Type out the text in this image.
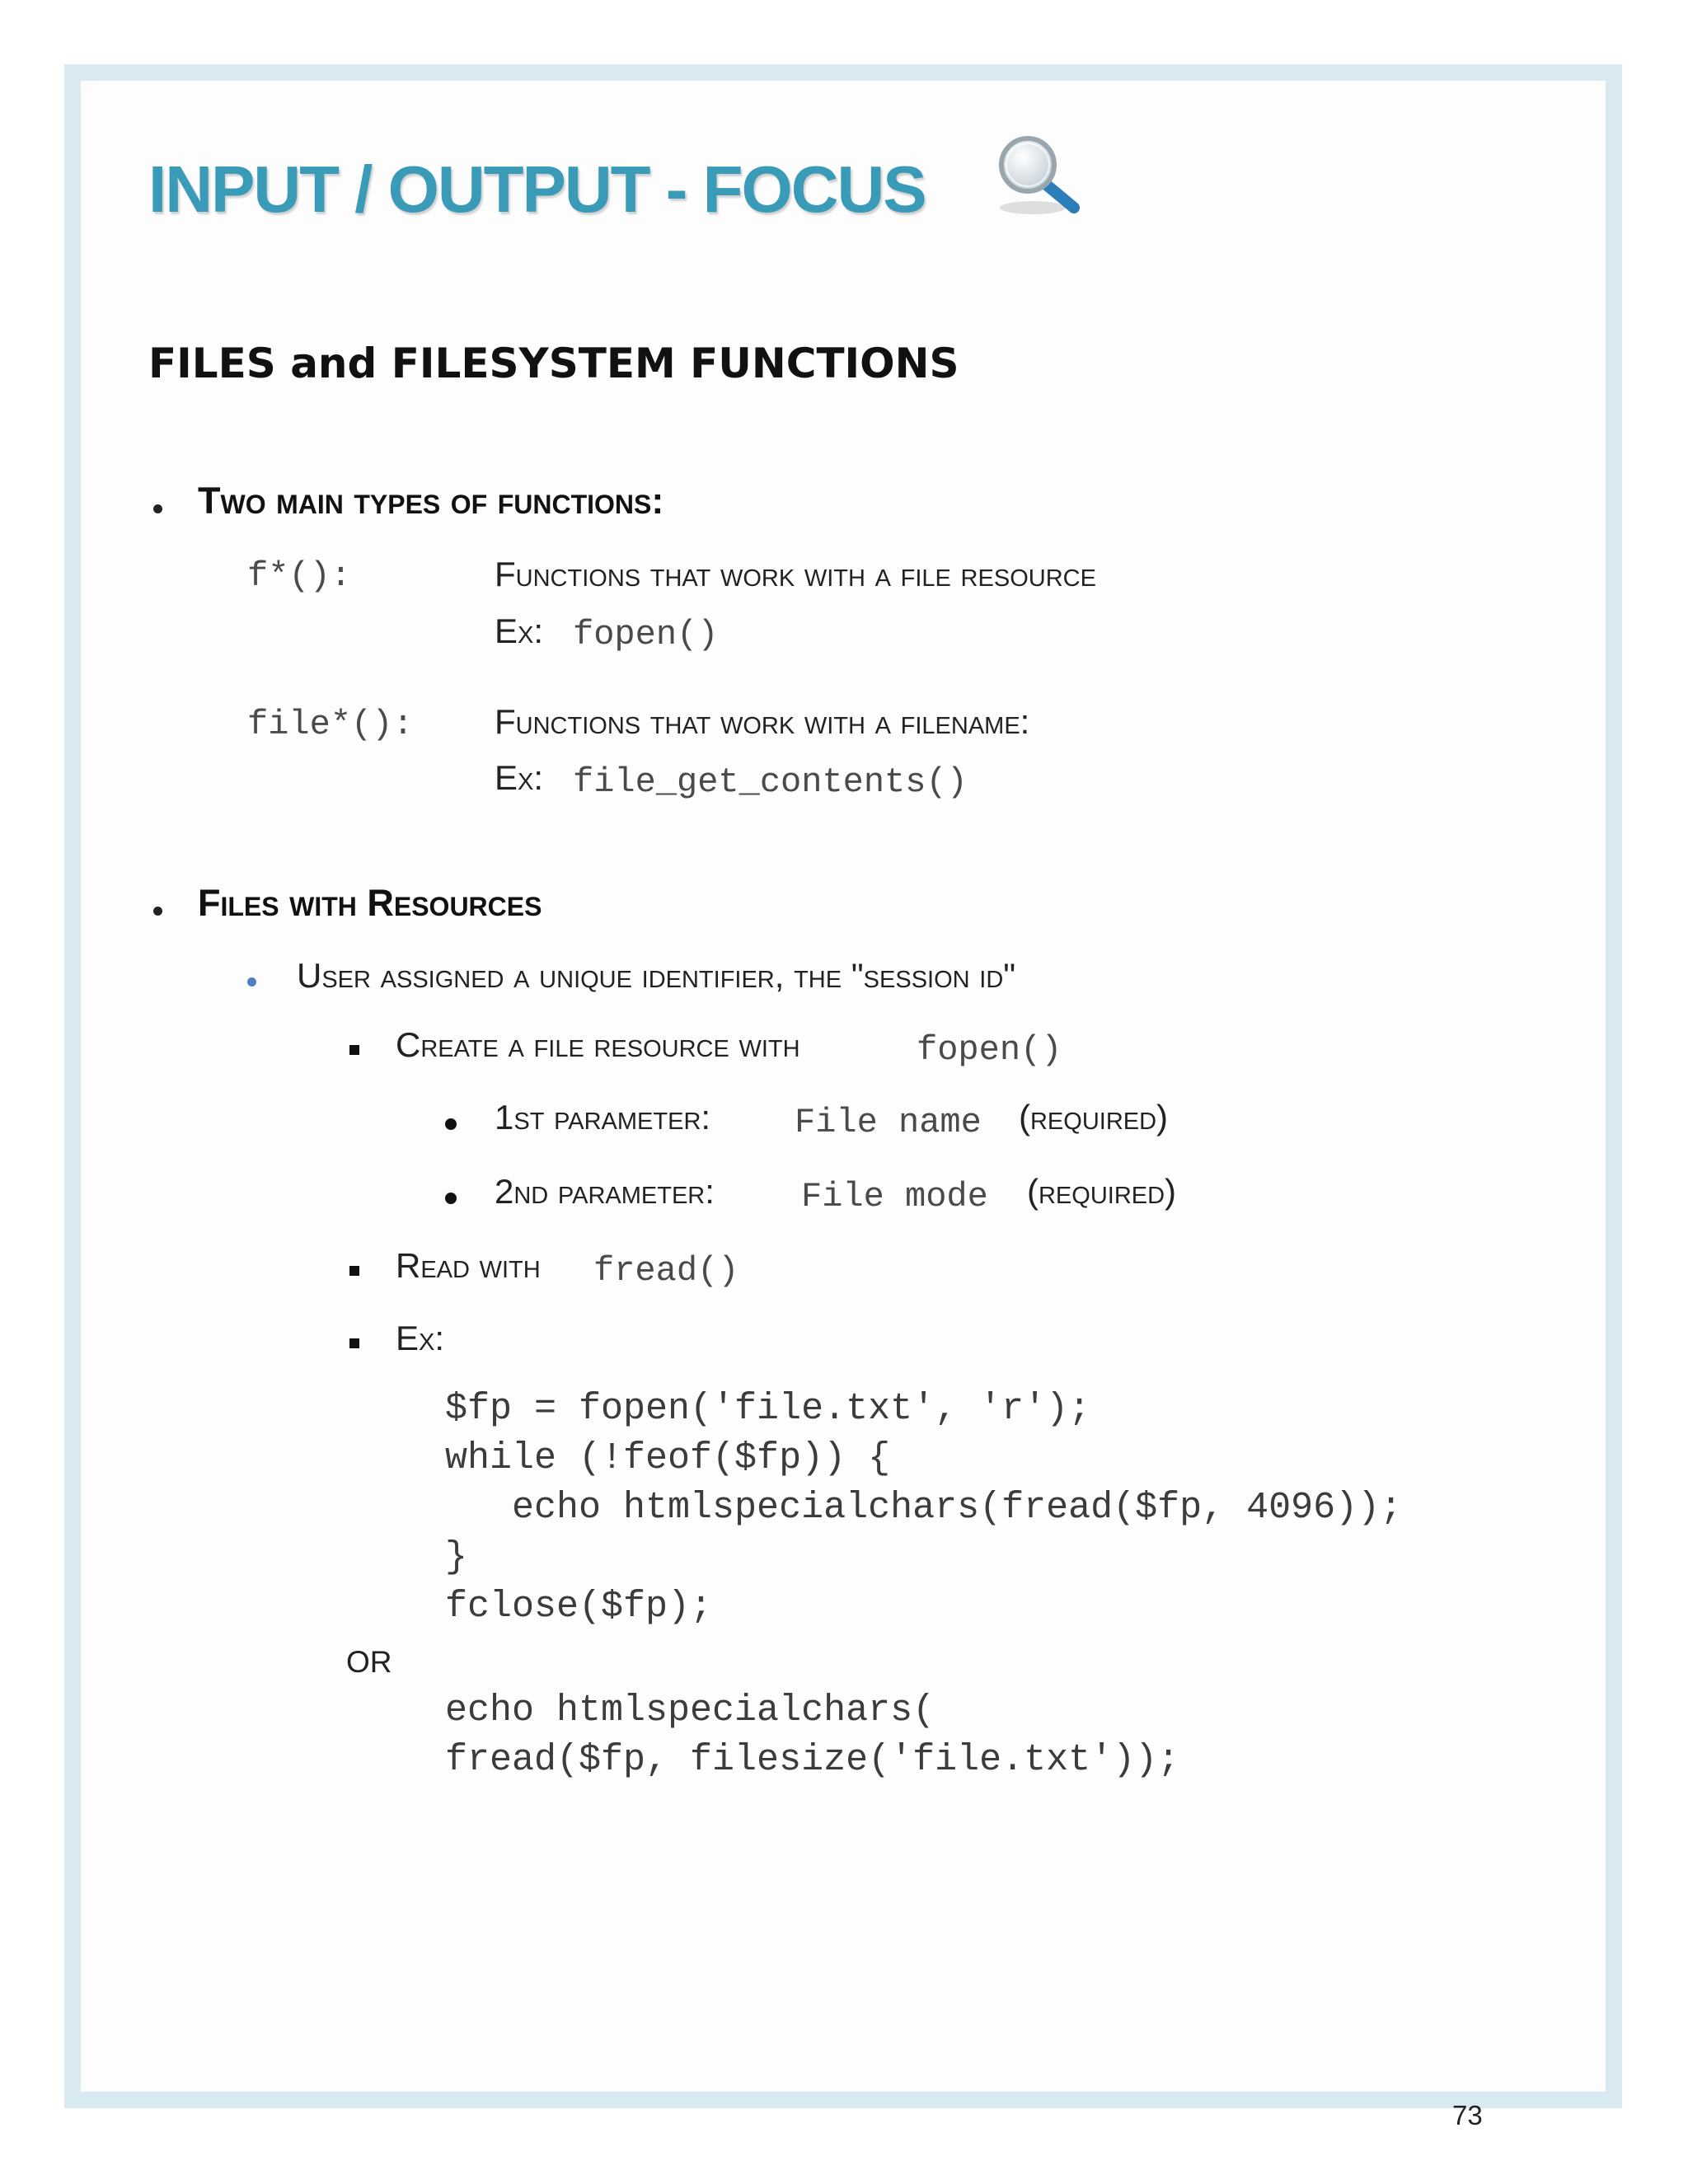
INPUT / OUTPUT - FOCUS
FILES and FILESYSTEM FUNCTIONS
Two main types of functions:
f*():	Functions that work with a file resource
Ex: fopen()
file*(): Functions that work with a filename:
Ex: file_get_contents()
Files with Resources
User assigned a unique identifier, the "session id"
Create a file resource with	fopen()
1st parameter: File name (required)
2nd parameter:	File mode (required)
Read with fread()
Ex:
$fp = fopen('file.txt', 'r');
while (!feof($fp)) {
echo htmlspecialchars(fread($fp, 4096));
}
fclose($fp);
OR
echo htmlspecialchars(
fread($fp, filesize('file.txt'));
73
